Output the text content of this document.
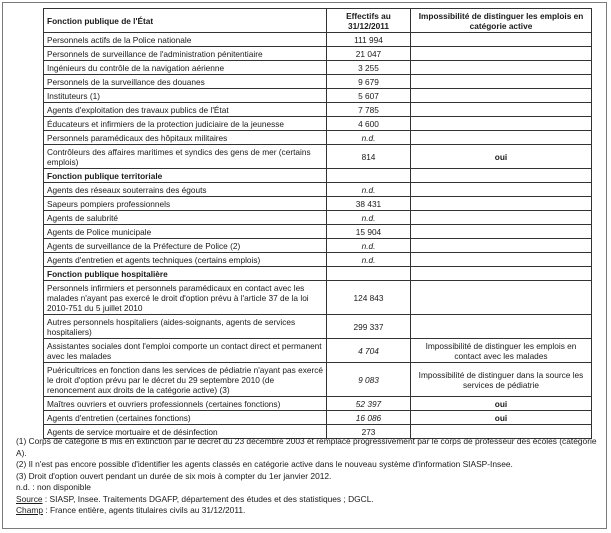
Fonction publique de l'État	Effectifs au 31/12/2011	Impossibilité de distinguer les emplois en catégorie active
Personnels actifs de la Police nationale	111 994	
Personnels de surveillance de l'administration pénitentiaire	21 047	
Ingénieurs du contrôle de la navigation aérienne	3 255	
Personnels de la surveillance des douanes	9 679	
Instituteurs (1)	5 607	
Agents d'exploitation des travaux publics de l'État	7 785	
Éducateurs et infirmiers de la protection judiciaire de la jeunesse	4 600	
Personnels paramédicaux des hôpitaux militaires	n.d.	
Contrôleurs des affaires maritimes et syndics des gens de mer (certains emplois)	814	oui
Fonction publique territoriale		
Agents des réseaux souterrains des égouts	n.d.	
Sapeurs pompiers professionnels	38 431	
Agents de salubrité	n.d.	
Agents de Police municipale	15 904	
Agents de surveillance de la Préfecture de Police (2)	n.d.	
Agents d'entretien et agents techniques (certains emplois)	n.d.	
Fonction publique hospitalière		
Personnels infirmiers et personnels paramédicaux en contact avec les malades n'ayant pas exercé le droit d'option prévu à l'article 37 de la loi 2010-751 du 5 juillet 2010	124 843	
Autres personnels hospitaliers (aides-soignants, agents de services hospitaliers)	299 337	
Assistantes sociales dont l'emploi comporte un contact direct et permanent avec les malades	4 704	Impossibilité de distinguer les emplois en contact avec les malades
Puéricultrices en fonction dans les services de pédiatrie n'ayant pas exercé le droit d'option prévu par le décret du 29 septembre 2010 (de renoncement aux droits de la catégorie active) (3)	9 083	Impossibilité de distinguer dans la source les services de pédiatrie
Maîtres ouvriers et ouvriers professionnels (certaines fonctions)	52 397	oui
Agents d'entretien (certaines fonctions)	16 086	oui
Agents de service mortuaire et de désinfection	273	

(1) Corps de catégorie B mis en extinction par le décret du 23 décembre 2003 et remplacé progressivement par le corps de professeur des écoles (catégorie A).

(2) Il n'est pas encore possible d'identifier les agents classés en catégorie active dans le nouveau système d'information SIASP-Insee.

(3) Droit d'option ouvert pendant un durée de six mois à compter du 1er janvier 2012.

n.d. : non disponible

Source : SIASP, Insee. Traitements DGAFP, département des études et des statistiques ; DGCL.

Champ : France entière, agents titulaires civils au 31/12/2011.
